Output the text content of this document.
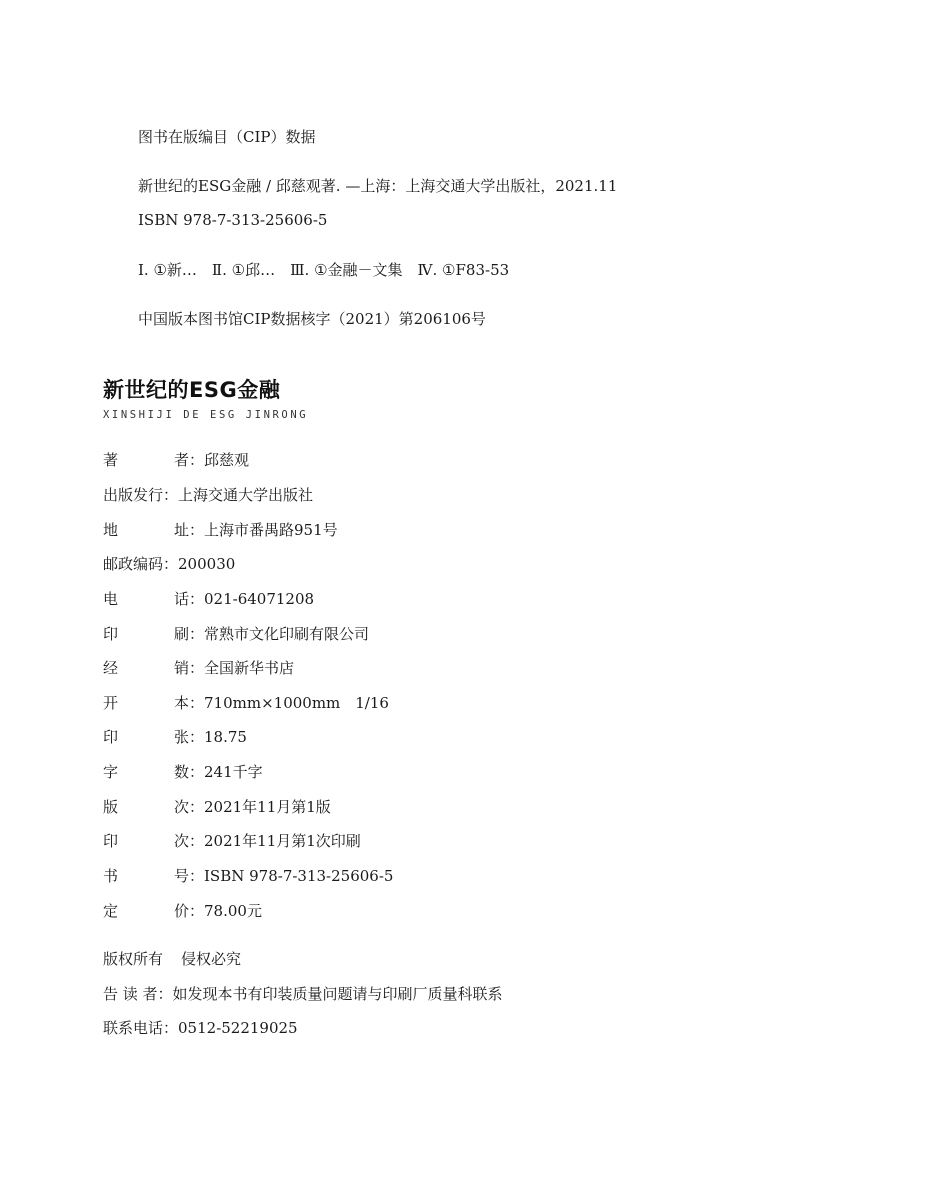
图书在版编目（CIP）数据
新世纪的ESG金融 / 邱慈观著. —上海：上海交通大学出版社，2021.11
ISBN 978-7-313-25606-5
Ⅰ. ①新…　Ⅱ. ①邱…　Ⅲ. ①金融－文集　Ⅳ. ①F83-53
中国版本图书馆CIP数据核字（2021）第206106号
新世纪的ESG金融
XINSHIJI DE ESG JINRONG
著	者 ：邱慈观
出版发行 ：上海交通大学出版社
地	址 ：上海市番禺路951号
邮政编码 ：200030
电	话 ：021-64071208
印	刷 ：常熟市文化印刷有限公司
经	销 ：全国新华书店
开	本 ：710mm×1000mm　1/16
印	张 ：18.75
字	数 ：241千字
版	次 ：2021年11月第1版
印	次 ：2021年11月第1次印刷
书	号 ：ISBN 978-7-313-25606-5
定	价 ：78.00元
版权所有 侵权必究
告 读 者 ：如发现本书有印装质量问题请与印刷厂质量科联系
联系电话 ：0512-52219025
